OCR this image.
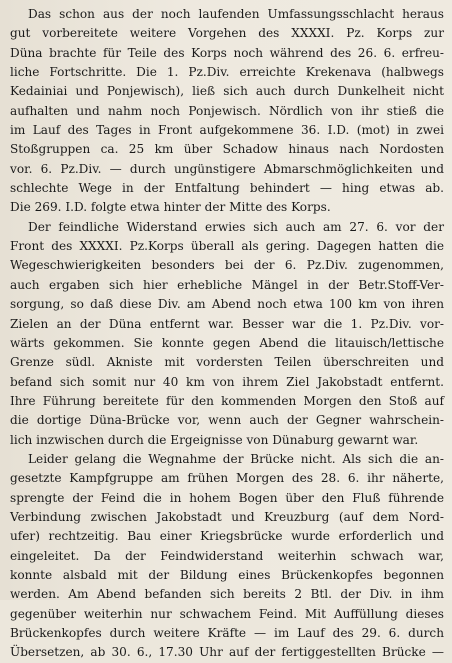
Das schon aus der noch laufenden Umfassungsschlacht heraus
gut vorbereitete weitere Vorgehen des XXXXI. Pz. Korps zur
Düna brachte für Teile des Korps noch während des 26. 6. erfreu-
liche Fortschritte. Die 1. Pz.Div. erreichte Krekenava (halbwegs
Kedainiai und Ponjewisch), ließ sich auch durch Dunkelheit nicht
aufhalten und nahm noch Ponjewisch. Nördlich von ihr stieß die
im Lauf des Tages in Front aufgekommene 36. I.D. (mot) in zwei
Stoßgruppen ca. 25 km über Schadow hinaus nach Nordosten
vor. 6. Pz.Div. — durch ungünstigere Abmarschmöglichkeiten und
schlechte Wege in der Entfaltung behindert — hing etwas ab.
Die 269. I.D. folgte etwa hinter der Mitte des Korps.
Der feindliche Widerstand erwies sich auch am 27. 6. vor der
Front des XXXXI. Pz.Korps überall als gering. Dagegen hatten die
Wegeschwierigkeiten besonders bei der 6. Pz.Div. zugenommen,
auch ergaben sich hier erhebliche Mängel in der Betr.Stoff-Ver-
sorgung, so daß diese Div. am Abend noch etwa 100 km von ihren
Zielen an der Düna entfernt war. Besser war die 1. Pz.Div. vor-
wärts gekommen. Sie konnte gegen Abend die litauisch/lettische
Grenze südl. Akniste mit vordersten Teilen überschreiten und
befand sich somit nur 40 km von ihrem Ziel Jakobstadt entfernt.
Ihre Führung bereitete für den kommenden Morgen den Stoß auf
die dortige Düna-Brücke vor, wenn auch der Gegner wahrschein-
lich inzwischen durch die Ergeignisse von Dünaburg gewarnt war.
Leider gelang die Wegnahme der Brücke nicht. Als sich die an-
gesetzte Kampfgruppe am frühen Morgen des 28. 6. ihr näherte,
sprengte der Feind die in hohem Bogen über den Fluß führende
Verbindung zwischen Jakobstadt und Kreuzburg (auf dem Nord-
ufer) rechtzeitig. Bau einer Kriegsbrücke wurde erforderlich und
eingeleitet. Da der Feindwiderstand weiterhin schwach war,
konnte alsbald mit der Bildung eines Brückenkopfes begonnen
werden. Am Abend befanden sich bereits 2 Btl. der Div. in ihm
gegenüber weiterhin nur schwachem Feind. Mit Auffüllung dieses
Brückenkopfes durch weitere Kräfte — im Lauf des 29. 6. durch
Übersetzen, ab 30. 6., 17.30 Uhr auf der fertiggestellten Brücke —
